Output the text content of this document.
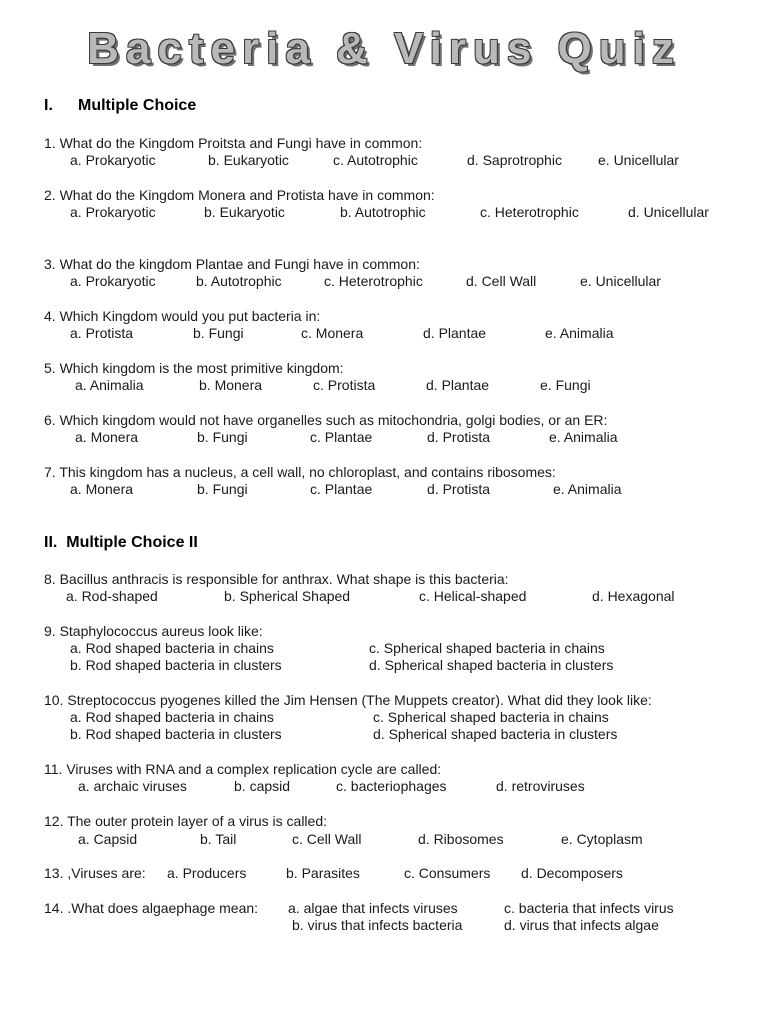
Bacteria & Virus Quiz
I. Multiple Choice
1. What do the Kingdom Proitsta and Fungi have in common:
a. Prokaryotic	b. Eukaryotic	c. Autotrophic	d. Saprotrophic	e. Unicellular
2. What do the Kingdom Monera and Protista have in common:
a. Prokaryotic	b. Eukaryotic	b. Autotrophic	c. Heterotrophic	d. Unicellular
3. What do the kingdom Plantae and Fungi have in common:
a. Prokaryotic	b. Autotrophic	c. Heterotrophic	d. Cell Wall	e. Unicellular
4. Which Kingdom would you put bacteria in:
a. Protista	b. Fungi	c. Monera	d. Plantae	e. Animalia
5. Which kingdom is the most primitive kingdom:
a. Animalia	b. Monera	c. Protista	d. Plantae	e. Fungi
6. Which kingdom would not have organelles such as mitochondria, golgi bodies, or an ER:
a. Monera	b. Fungi	c. Plantae	d. Protista	e. Animalia
7. This kingdom has a nucleus, a cell wall, no chloroplast, and contains ribosomes:
a. Monera	b. Fungi	c. Plantae	d. Protista	e. Animalia
II. Multiple Choice II
8. Bacillus anthracis is responsible for anthrax. What shape is this bacteria:
a. Rod-shaped	b. Spherical Shaped	c. Helical-shaped	d. Hexagonal
9. Staphylococcus aureus look like:
a. Rod shaped bacteria in chains	c. Spherical shaped bacteria in chains
b. Rod shaped bacteria in clusters	d. Spherical shaped bacteria in clusters
10. Streptococcus pyogenes killed the Jim Hensen (The Muppets creator). What did they look like:
a. Rod shaped bacteria in chains	c. Spherical shaped bacteria in chains
b. Rod shaped bacteria in clusters	d. Spherical shaped bacteria in clusters
11. Viruses with RNA and a complex replication cycle are called:
a. archaic viruses	b. capsid	c. bacteriophages	d. retroviruses
12. The outer protein layer of a virus is called:
a. Capsid	b. Tail	c. Cell Wall	d. Ribosomes	e. Cytoplasm
13. ,Viruses are: a. Producers	b. Parasites	c. Consumers d. Decomposers
14. .What does algaephage mean: a. algae that infects viruses	c. bacteria that infects virus
b. virus that infects bacteria	d. virus that infects algae
